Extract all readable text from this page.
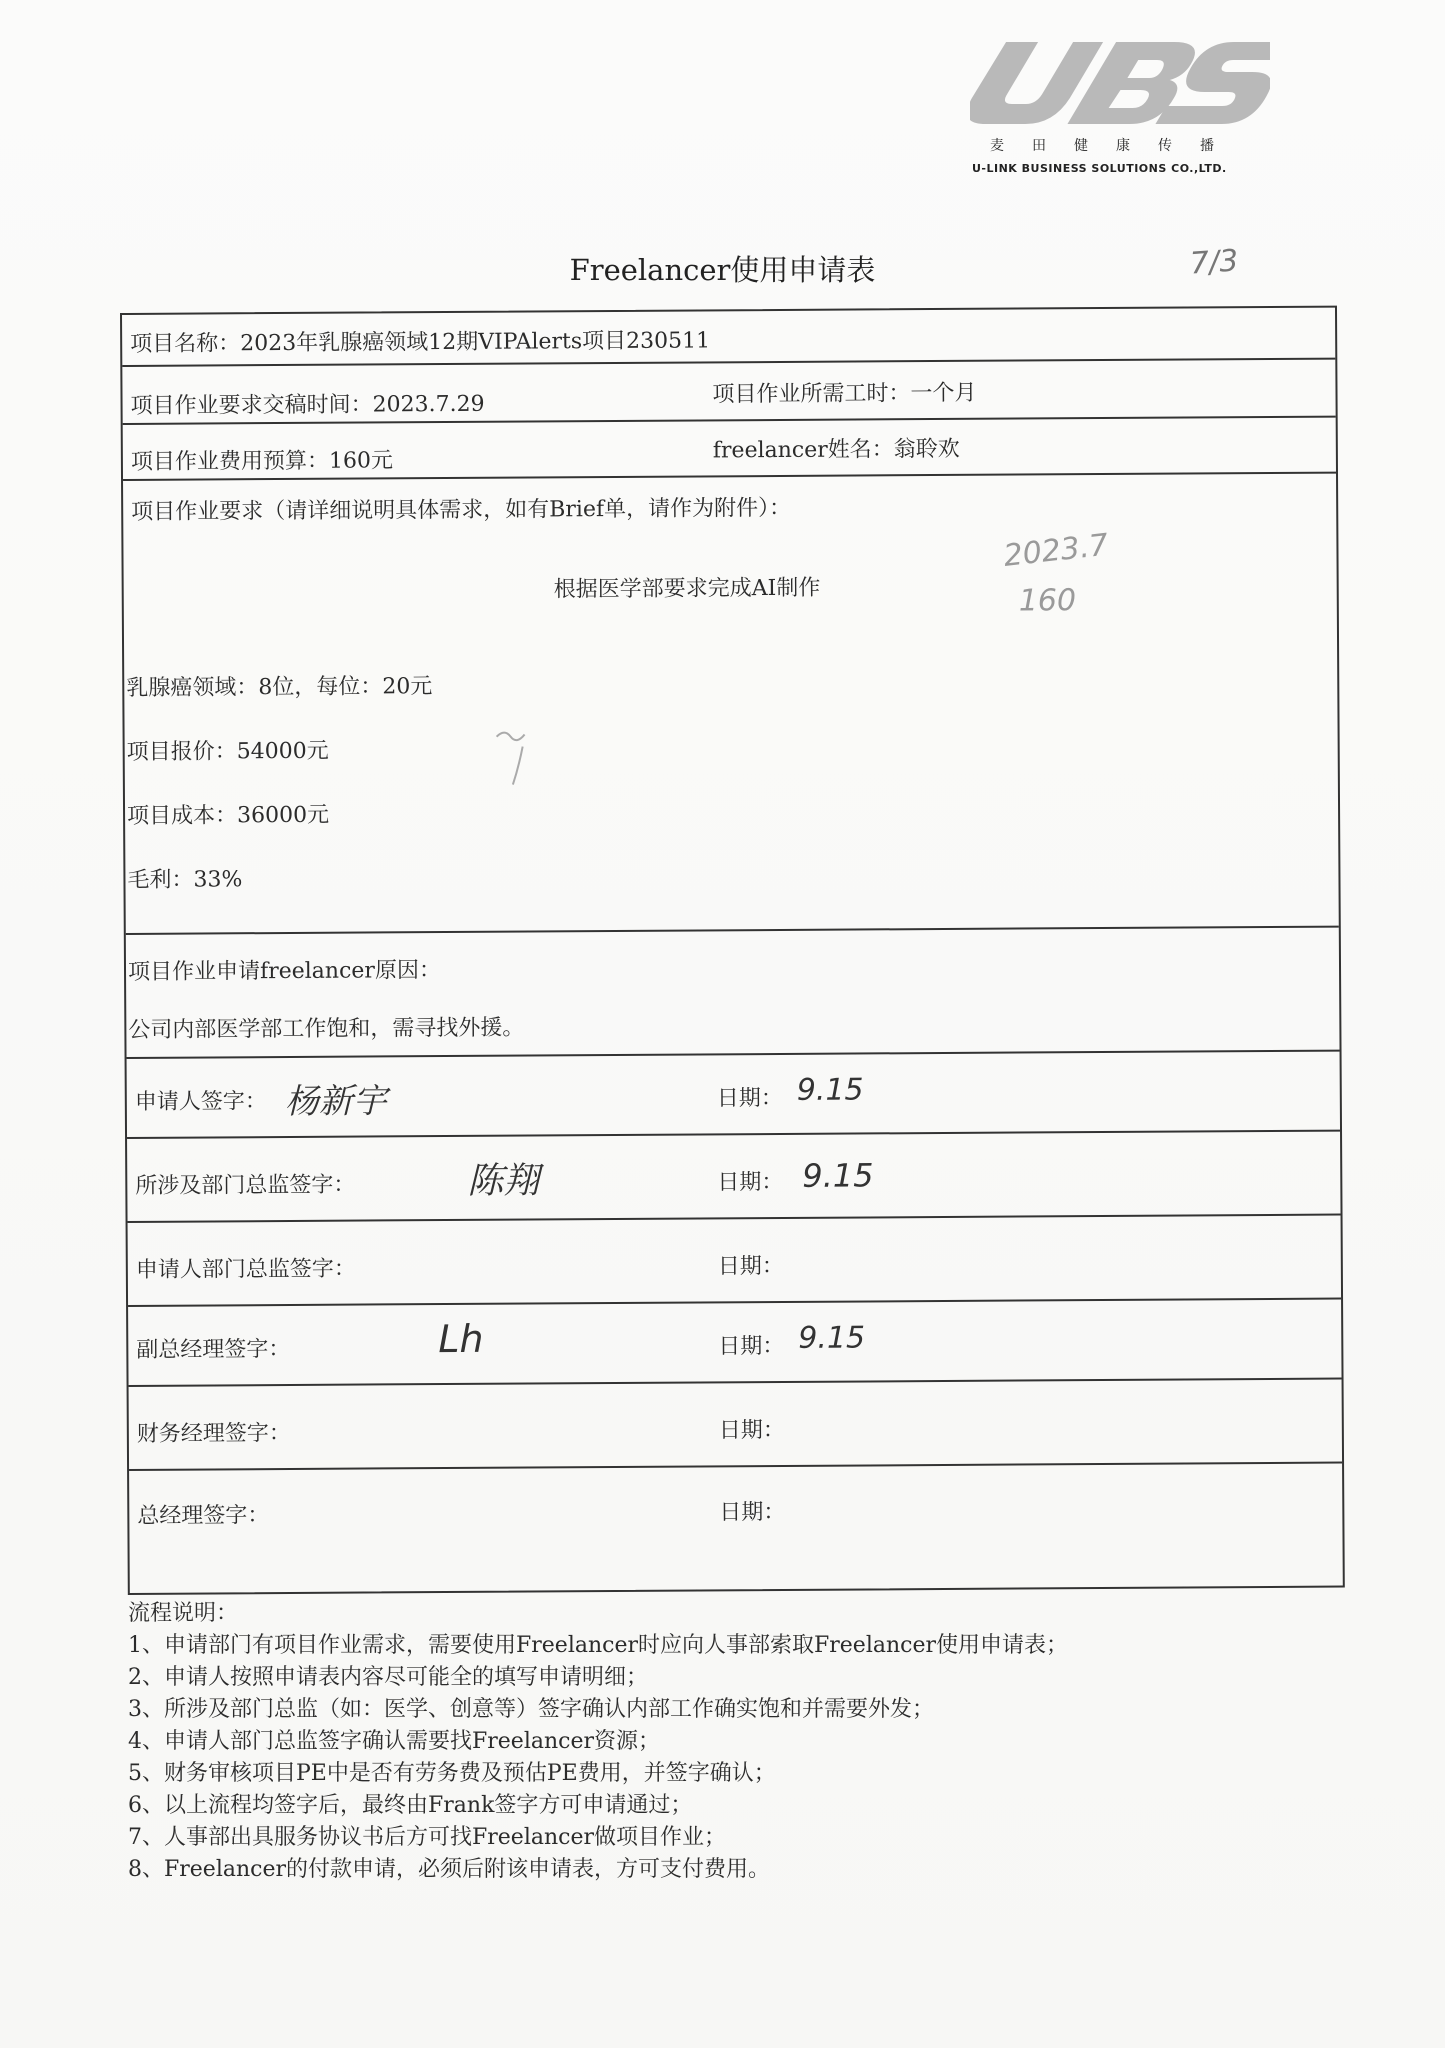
麦田健康传播
U-LINK BUSINESS SOLUTIONS CO.,LTD.
Freelancer使用申请表	7/3
项目名称：2023年乳腺癌领域12期VIPAlerts项目230511
项目作业要求交稿时间：2023.7.29	项目作业所需工时：一个月
项目作业费用预算：160元	freelancer姓名：翁聆欢
项目作业要求（请详细说明具体需求，如有Brief单，请作为附件）：
根据医学部要求完成AI制作
2023.7
160
乳腺癌领域：8位，每位：20元
项目报价：54000元
项目成本：36000元
毛利：33%
项目作业申请freelancer原因：
公司内部医学部工作饱和，需寻找外援。
申请人签字： 杨新宇	日期： 9.15
所涉及部门总监签字：	陈翔	日期： 9.15
申请人部门总监签字：	日期：
副总经理签字：	Lh	日期： 9.15
财务经理签字：	日期：
总经理签字：	日期：
流程说明：
1、申请部门有项目作业需求，需要使用Freelancer时应向人事部索取Freelancer使用申请表；
2、申请人按照申请表内容尽可能全的填写申请明细；
3、所涉及部门总监（如：医学、创意等）签字确认内部工作确实饱和并需要外发；
4、申请人部门总监签字确认需要找Freelancer资源；
5、财务审核项目PE中是否有劳务费及预估PE费用，并签字确认；
6、以上流程均签字后，最终由Frank签字方可申请通过；
7、人事部出具服务协议书后方可找Freelancer做项目作业；
8、Freelancer的付款申请，必须后附该申请表，方可支付费用。
